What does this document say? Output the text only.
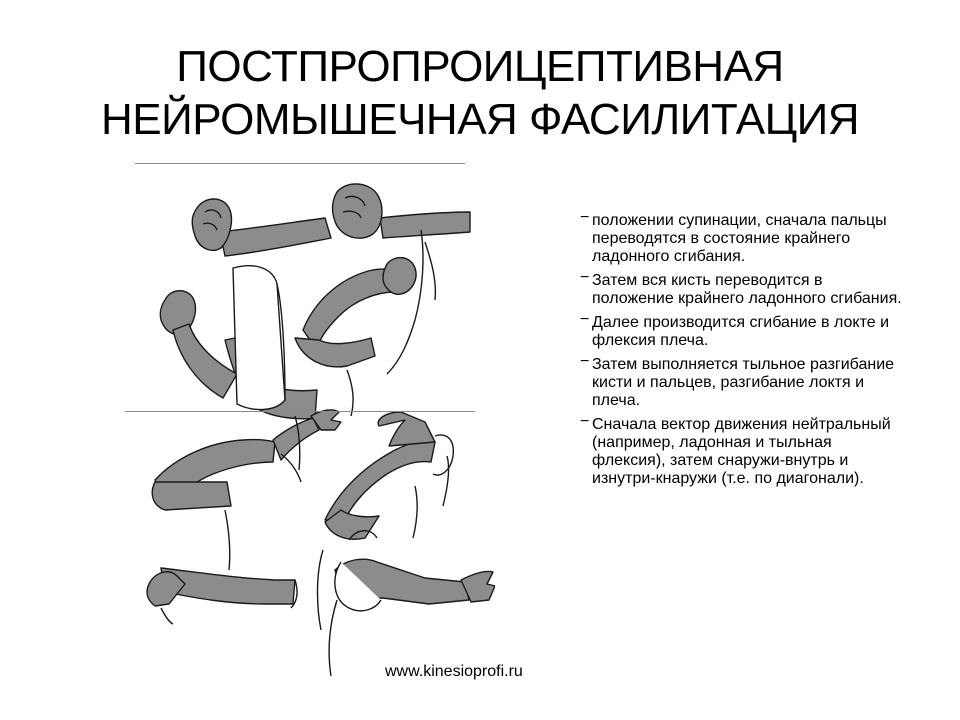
ПОСТПРОПРОИЦЕПТИВНАЯ
НЕЙРОМЫШЕЧНАЯ ФАСИЛИТАЦИЯ
− положении супинации, сначала пальцы переводятся в состояние крайнего ладонного сгибания.
− Затем вся кисть переводится в положение крайнего ладонного сгибания.
− Далее производится сгибание в локте и флексия плеча.
− Затем выполняется тыльное разгибание кисти и пальцев, разгибание локтя и плеча.
− Сначала вектор движения нейтральный (например, ладонная и тыльная флексия), затем снаружи-внутрь и изнутри-кнаружи (т.е. по диагонали).
www.kinesioprofi.ru
